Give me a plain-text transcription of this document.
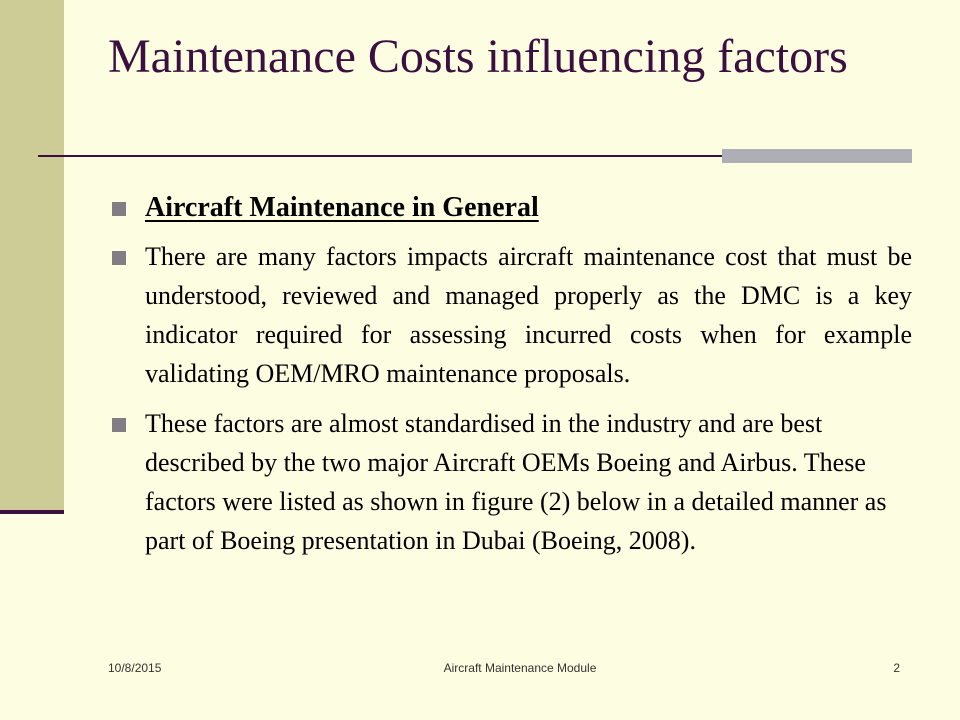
Maintenance Costs influencing factors
Aircraft Maintenance in General
There are many factors impacts aircraft maintenance cost that must be understood, reviewed and managed properly as the DMC is a key indicator required for assessing incurred costs when for example validating OEM/MRO maintenance proposals.
These factors are almost standardised in the industry and are best described by the two major Aircraft OEMs Boeing and Airbus. These factors were listed as shown in figure (2) below in a detailed manner as part of Boeing presentation in Dubai (Boeing, 2008).
10/8/2015	Aircraft Maintenance Module	2
